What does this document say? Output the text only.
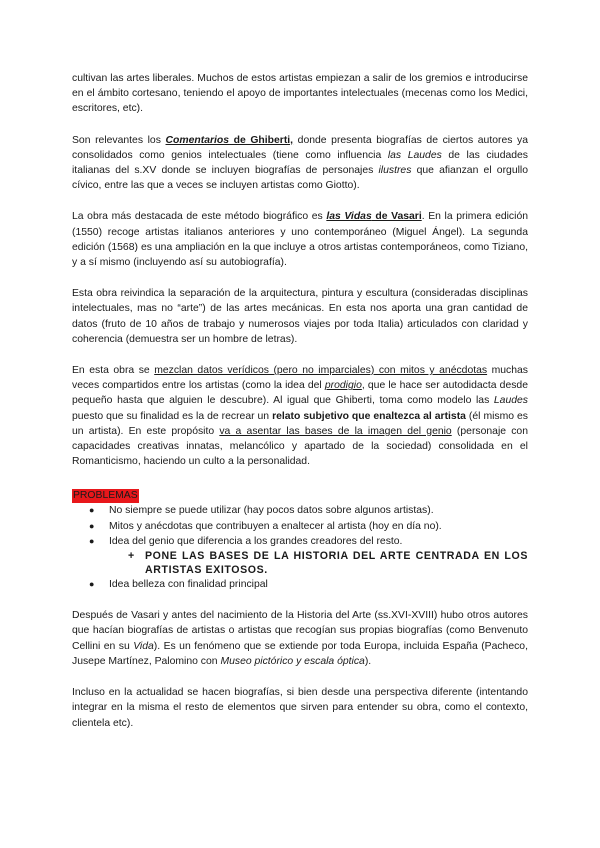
cultivan las artes liberales. Muchos de estos artistas empiezan a salir de los gremios e introducirse en el ámbito cortesano, teniendo el apoyo de importantes intelectuales (mecenas como los Medici, escritores, etc).

Son relevantes los Comentarios de Ghiberti, donde presenta biografías de ciertos autores ya consolidados como genios intelectuales (tiene como influencia las Laudes de las ciudades italianas del s.XV donde se incluyen biografías de personajes ilustres que afianzan el orgullo cívico, entre las que a veces se incluyen artistas como Giotto).

La obra más destacada de este método biográfico es las Vidas de Vasari. En la primera edición (1550) recoge artistas italianos anteriores y uno contemporáneo (Miguel Ángel). La segunda edición (1568) es una ampliación en la que incluye a otros artistas contemporáneos, como Tiziano, y a sí mismo (incluyendo así su autobiografía).

Esta obra reivindica la separación de la arquitectura, pintura y escultura (consideradas disciplinas intelectuales, mas no “arte”) de las artes mecánicas. En esta nos aporta una gran cantidad de datos (fruto de 10 años de trabajo y numerosos viajes por toda Italia) articulados con claridad y coherencia (demuestra ser un hombre de letras).

En esta obra se mezclan datos verídicos (pero no imparciales) con mitos y anécdotas muchas veces compartidos entre los artistas (como la idea del prodigio, que le hace ser autodidacta desde pequeño hasta que alguien le descubre). Al igual que Ghiberti, toma como modelo las Laudes puesto que su finalidad es la de recrear un relato subjetivo que enaltezca al artista (él mismo es un artista). En este propósito va a asentar las bases de la imagen del genio (personaje con capacidades creativas innatas, melancólico y apartado de la sociedad) consolidada en el Romanticismo, haciendo un culto a la personalidad.

PROBLEMAS
● No siempre se puede utilizar (hay pocos datos sobre algunos artistas).
● Mitos y anécdotas que contribuyen a enaltecer al artista (hoy en día no).
● Idea del genio que diferencia a los grandes creadores del resto.
+ PONE LAS BASES DE LA HISTORIA DEL ARTE CENTRADA EN LOS ARTISTAS EXITOSOS.
● Idea belleza con finalidad principal

Después de Vasari y antes del nacimiento de la Historia del Arte (ss.XVI-XVIII) hubo otros autores que hacían biografías de artistas o artistas que recogían sus propias biografías (como Benvenuto Cellini en su Vida). Es un fenómeno que se extiende por toda Europa, incluida España (Pacheco, Jusepe Martínez, Palomino con Museo pictórico y escala óptica).

Incluso en la actualidad se hacen biografías, si bien desde una perspectiva diferente (intentando integrar en la misma el resto de elementos que sirven para entender su obra, como el contexto, clientela etc).
